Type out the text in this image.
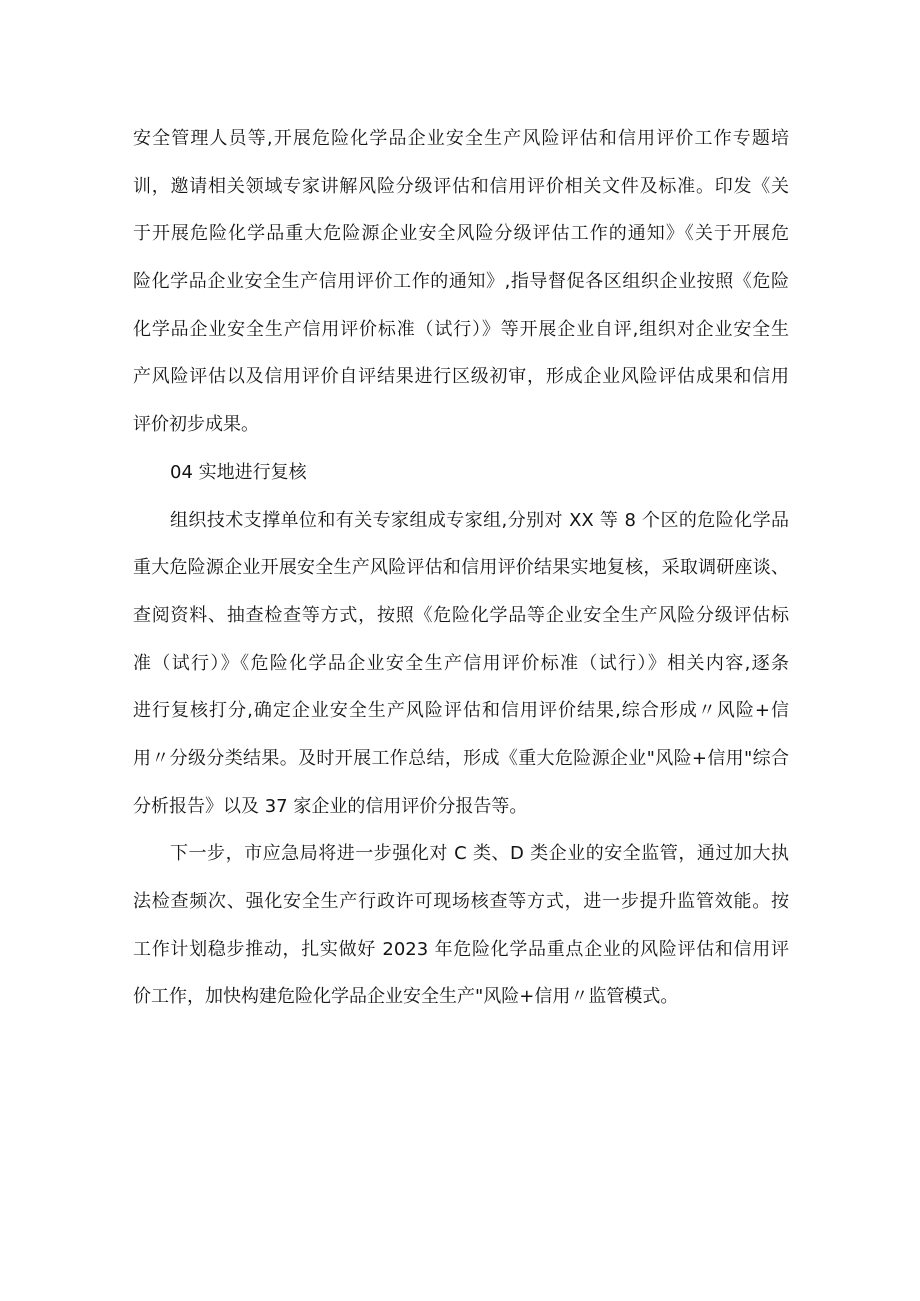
安全管理人员等,开展危险化学品企业安全生产风险评估和信用评价工作专题培
训，邀请相关领域专家讲解风险分级评估和信用评价相关文件及标准。印发《关
于开展危险化学品重大危险源企业安全风险分级评估工作的通知》《关于开展危
险化学品企业安全生产信用评价工作的通知》,指导督促各区组织企业按照《危险
化学品企业安全生产信用评价标准（试行）》等开展企业自评,组织对企业安全生
产风险评估以及信用评价自评结果进行区级初审，形成企业风险评估成果和信用
评价初步成果。
04 实地进行复核
组织技术支撑单位和有关专家组成专家组,分别对 XX 等 8 个区的危险化学品
重大危险源企业开展安全生产风险评估和信用评价结果实地复核，采取调研座谈、
查阅资料、抽查检查等方式，按照《危险化学品等企业安全生产风险分级评估标
准（试行）》《危险化学品企业安全生产信用评价标准（试行）》相关内容,逐条
进行复核打分,确定企业安全生产风险评估和信用评价结果,综合形成〃风险+信
用〃分级分类结果。及时开展工作总结，形成《重大危险源企业"风险+信用"综合
分析报告》以及 37 家企业的信用评价分报告等。
下一步，市应急局将进一步强化对 C 类、D 类企业的安全监管，通过加大执
法检查频次、强化安全生产行政许可现场核查等方式，进一步提升监管效能。按
工作计划稳步推动，扎实做好 2023 年危险化学品重点企业的风险评估和信用评
价工作，加快构建危险化学品企业安全生产"风险+信用〃监管模式。
